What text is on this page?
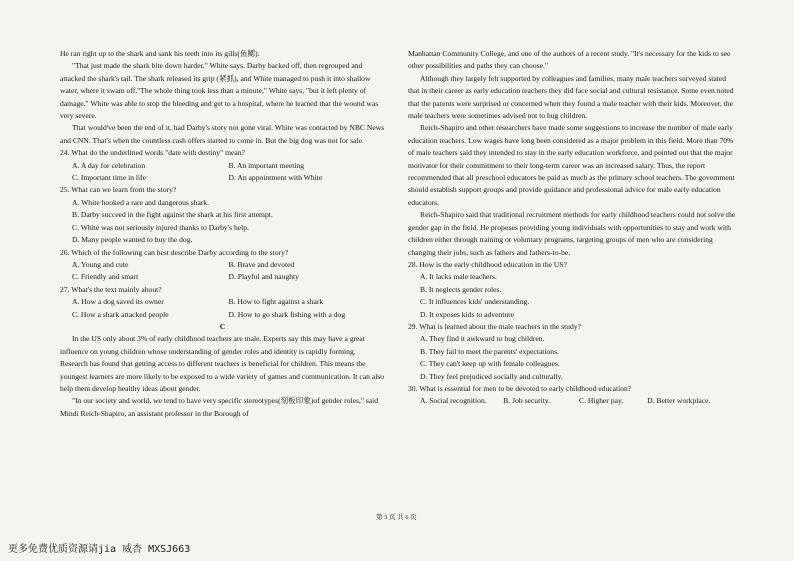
He ran right up to the shark and sank his teeth into its gills(鱼鳃).

"That just made the shark bite down harder," White says. Darby backed off, then regrouped and attacked the shark's tail. The shark released its grip (紧抓), and White managed to push it into shallow water, where it swam off."The whole thing took less than a minute," White says, "but it left plenty of damage." White was able to stop the bleeding and get to a hospital, where he learned that the wound was very severe.

That would've been the end of it, had Darby's story not gone viral. White was contacted by NBC News and CNN. That's when the countless cash offers started to come in. But the big dog was not for sale.

24. What do the underlined words "date with destiny" mean?

A. A day for celebration	B. An important meeting
C. Important time in life	D. An appointment with White

25. What can we learn from the story?

A. White hooked a rare and dangerous shark.
B. Darby succeed in the fight against the shark at his first attempt.
C. White was not seriously injured thanks to Darby's help.
D. Many people wanted to buy the dog.

26. Which of the following can best describe Darby according to the story?

A. Young and cute	B. Brave and devoted
C. Friendly and smart	D. Playful and naughty

27. What's the text mainly about?

A. How a dog saved its owner	B. How to fight against a shark
C. How a shark attacked people	D. How to go shark fishing with a dog

C

In the US only about 3% of early childhood teachers are male. Experts say this may have a great influence on young children whose understanding of gender roles and identity is rapidly forming. Research has found that getting access to different teachers is beneficial for children. This means the youngest learners are more likely to be exposed to a wide variety of games and communication. It can also help them develop healthy ideas about gender.

"In our society and world, we tend to have very specific stereotypes(刻板印象)of gender roles," said Mindi Reich-Shapiro, an assistant professor in the Borough of

Manhattan Community College, and one of the authors of a recent study. "It's necessary for the kids to see other possibilities and paths they can choose."

Although they largely felt supported by colleagues and families, many male teachers surveyed stated that in their career as early education teachers they did face social and cultural resistance. Some even noted that the parents were surprised or concerned when they found a male teacher with their kids. Moreover, the male teachers were sometimes advised not to hug children.

Reich-Shapiro and other researchers have made some suggestions to increase the number of male early education teachers. Low wages have long been considered as a major problem in this field. More than 70% of male teachers said they intended to stay in the early education workforce, and pointed out that the major motivator for their commitment to their long-term career was an increased salary. Thus, the report recommended that all preschool educators be paid as much as the primary school teachers. The government should establish support groups and provide guidance and professional advice for male early education educators.

Reich-Shapiro said that traditional recruitment methods for early childhood teachers could not solve the gender gap in the field. He proposes providing young individuals with opportunities to stay and work with children either through training or voluntary programs, targeting groups of men who are considering changing their jobs, such as fathers and fathers-to-be.

28. How is the early childhood education in the US?

A. It lacks male teachers.
B. It neglects gender roles.
C. It influences kids' understanding.
D. It exposes kids to adventure

29. What is learned about the male teachers in the study?

A. They find it awkward to hug children.
B. They fail to meet the parents' expectations.
C. They can't keep up with female colleagues.
D. They feel prejudiced socially and culturally.

30. What is essential for men to be devoted to early childhood education?

A. Social recognition.	B. Job security.	C. Higher pay.	D. Better workplace.
第 3 页 共 6 页
更多免费优质资源请jia 威杏 MXSJ663
